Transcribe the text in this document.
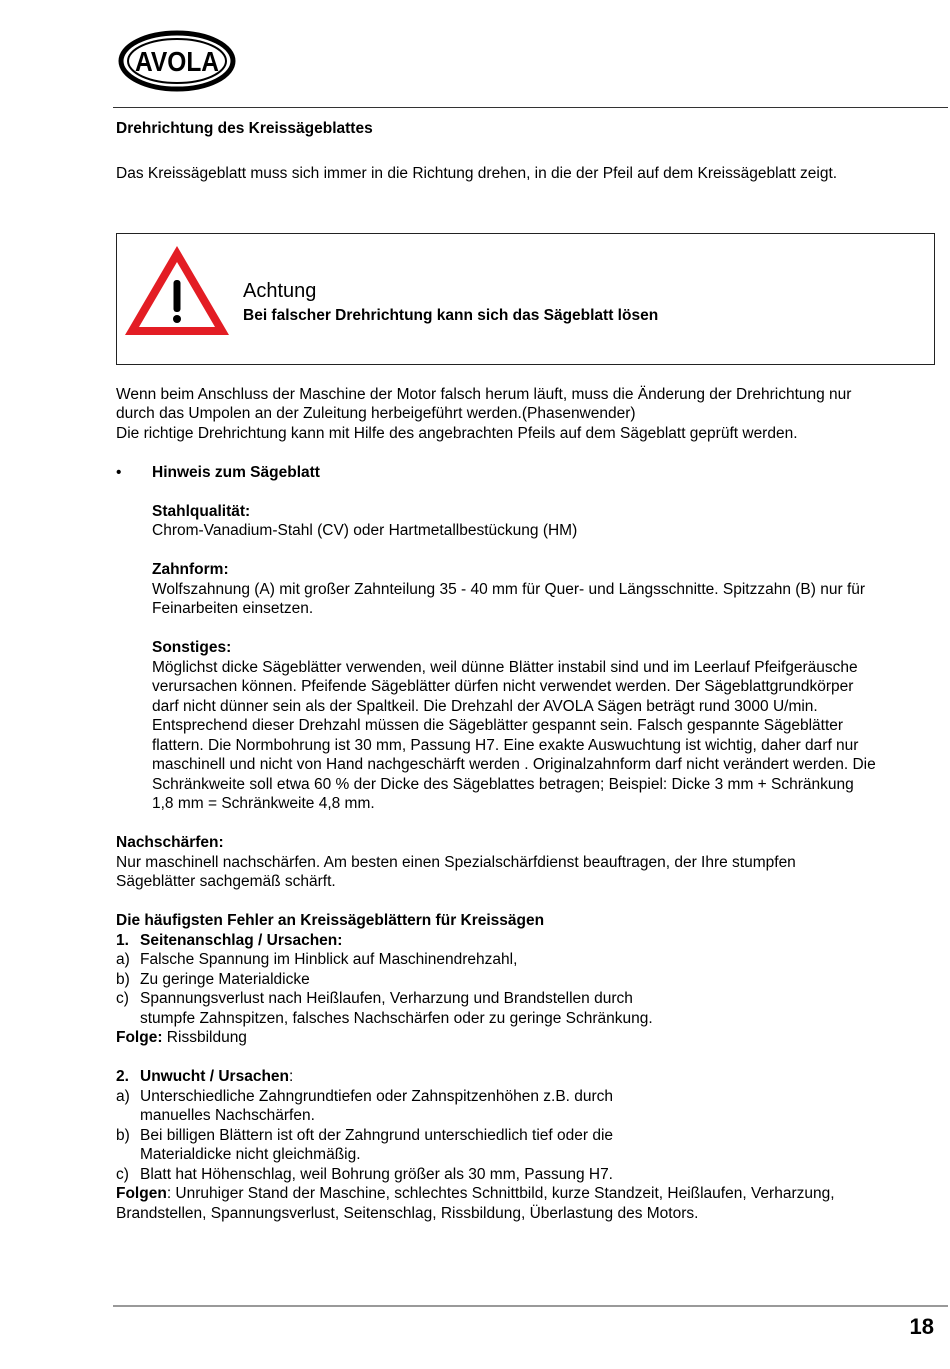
AVOLA

Drehrichtung des Kreissägeblattes

Das Kreissägeblatt muss sich immer in die Richtung drehen, in die der Pfeil auf dem Kreissägeblatt zeigt.

Achtung
Bei falscher Drehrichtung kann sich das Sägeblatt lösen

Wenn beim Anschluss der Maschine der Motor falsch herum läuft, muss die Änderung der Drehrichtung nur

durch das Umpolen an der Zuleitung herbeigeführt werden.(Phasenwender)

Die richtige Drehrichtung kann mit Hilfe des angebrachten Pfeils auf dem Sägeblatt geprüft werden.

•	Hinweis zum Sägeblatt

Stahlqualität:

Chrom-Vanadium-Stahl (CV) oder Hartmetallbestückung (HM)

Zahnform:

Wolfszahnung (A) mit großer Zahnteilung 35 - 40 mm für Quer- und Längsschnitte. Spitzzahn (B) nur für

Feinarbeiten einsetzen.

Sonstiges:

Möglichst dicke Sägeblätter verwenden, weil dünne Blätter instabil sind und im Leerlauf Pfeifgeräusche

verursachen können. Pfeifende Sägeblätter dürfen nicht verwendet werden. Der Sägeblattgrundkörper

darf nicht dünner sein als der Spaltkeil. Die Drehzahl der AVOLA Sägen beträgt rund 3000 U/min.

Entsprechend dieser Drehzahl müssen die Sägeblätter gespannt sein. Falsch gespannte Sägeblätter

flattern. Die Normbohrung ist 30 mm, Passung H7. Eine exakte Auswuchtung ist wichtig, daher darf nur

maschinell und nicht von Hand nachgeschärft werden . Originalzahnform darf nicht verändert werden. Die

Schränkweite soll etwa 60 % der Dicke des Sägeblattes betragen; Beispiel: Dicke 3 mm + Schränkung

1,8 mm = Schränkweite 4,8 mm.

Nachschärfen:

Nur maschinell nachschärfen. Am besten einen Spezialschärfdienst beauftragen, der Ihre stumpfen

Sägeblätter sachgemäß schärft.

Die häufigsten Fehler an Kreissägeblättern für Kreissägen

1. Seitenanschlag / Ursachen:
a) Falsche Spannung im Hinblick auf Maschinendrehzahl,
b) Zu geringe Materialdicke
c) Spannungsverlust nach Heißlaufen, Verharzung und Brandstellen durch
stumpfe Zahnspitzen, falsches Nachschärfen oder zu geringe Schränkung.

Folge: Rissbildung

2. Unwucht / Ursachen:
a) Unterschiedliche Zahngrundtiefen oder Zahnspitzenhöhen z.B. durch
manuelles Nachschärfen.
b) Bei billigen Blättern ist oft der Zahngrund unterschiedlich tief oder die
Materialdicke nicht gleichmäßig.
c) Blatt hat Höhenschlag, weil Bohrung größer als 30 mm, Passung H7.

Folgen: Unruhiger Stand der Maschine, schlechtes Schnittbild, kurze Standzeit, Heißlaufen, Verharzung,

Brandstellen, Spannungsverlust, Seitenschlag, Rissbildung, Überlastung des Motors.

18
